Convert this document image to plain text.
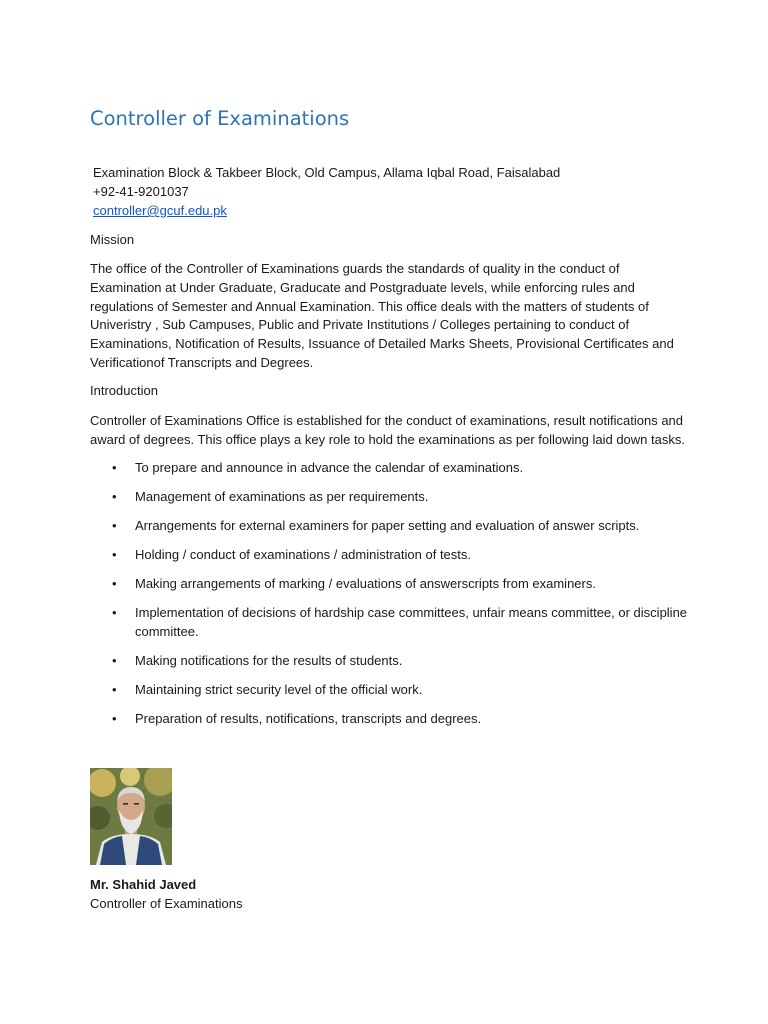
Controller of Examinations
Examination Block & Takbeer Block, Old Campus, Allama Iqbal Road, Faisalabad
+92-41-9201037
controller@gcuf.edu.pk
Mission

The office of the Controller of Examinations guards the standards of quality in the conduct of Examination at Under Graduate, Graducate and Postgraduate levels, while enforcing rules and regulations of Semester and Annual Examination. This office deals with the matters of students of Univeristry , Sub Campuses, Public and Private Institutions / Colleges pertaining to conduct of Examinations, Notification of Results, Issuance of Detailed Marks Sheets, Provisional Certificates and Verificationof Transcripts and Degrees.

Introduction

Controller of Examinations Office is established for the conduct of examinations, result notifications and award of degrees. This office plays a key role to hold the examinations as per following laid down tasks.

• To prepare and announce in advance the calendar of examinations.
• Management of examinations as per requirements.
• Arrangements for external examiners for paper setting and evaluation of answer scripts.
• Holding / conduct of examinations / administration of tests.
• Making arrangements of marking / evaluations of answerscripts from examiners.
• Implementation of decisions of hardship case committees, unfair means committee, or discipline committee.
• Making notifications for the results of students.
• Maintaining strict security level of the official work.
• Preparation of results, notifications, transcripts and degrees.
Mr. Shahid Javed
Controller of Examinations
